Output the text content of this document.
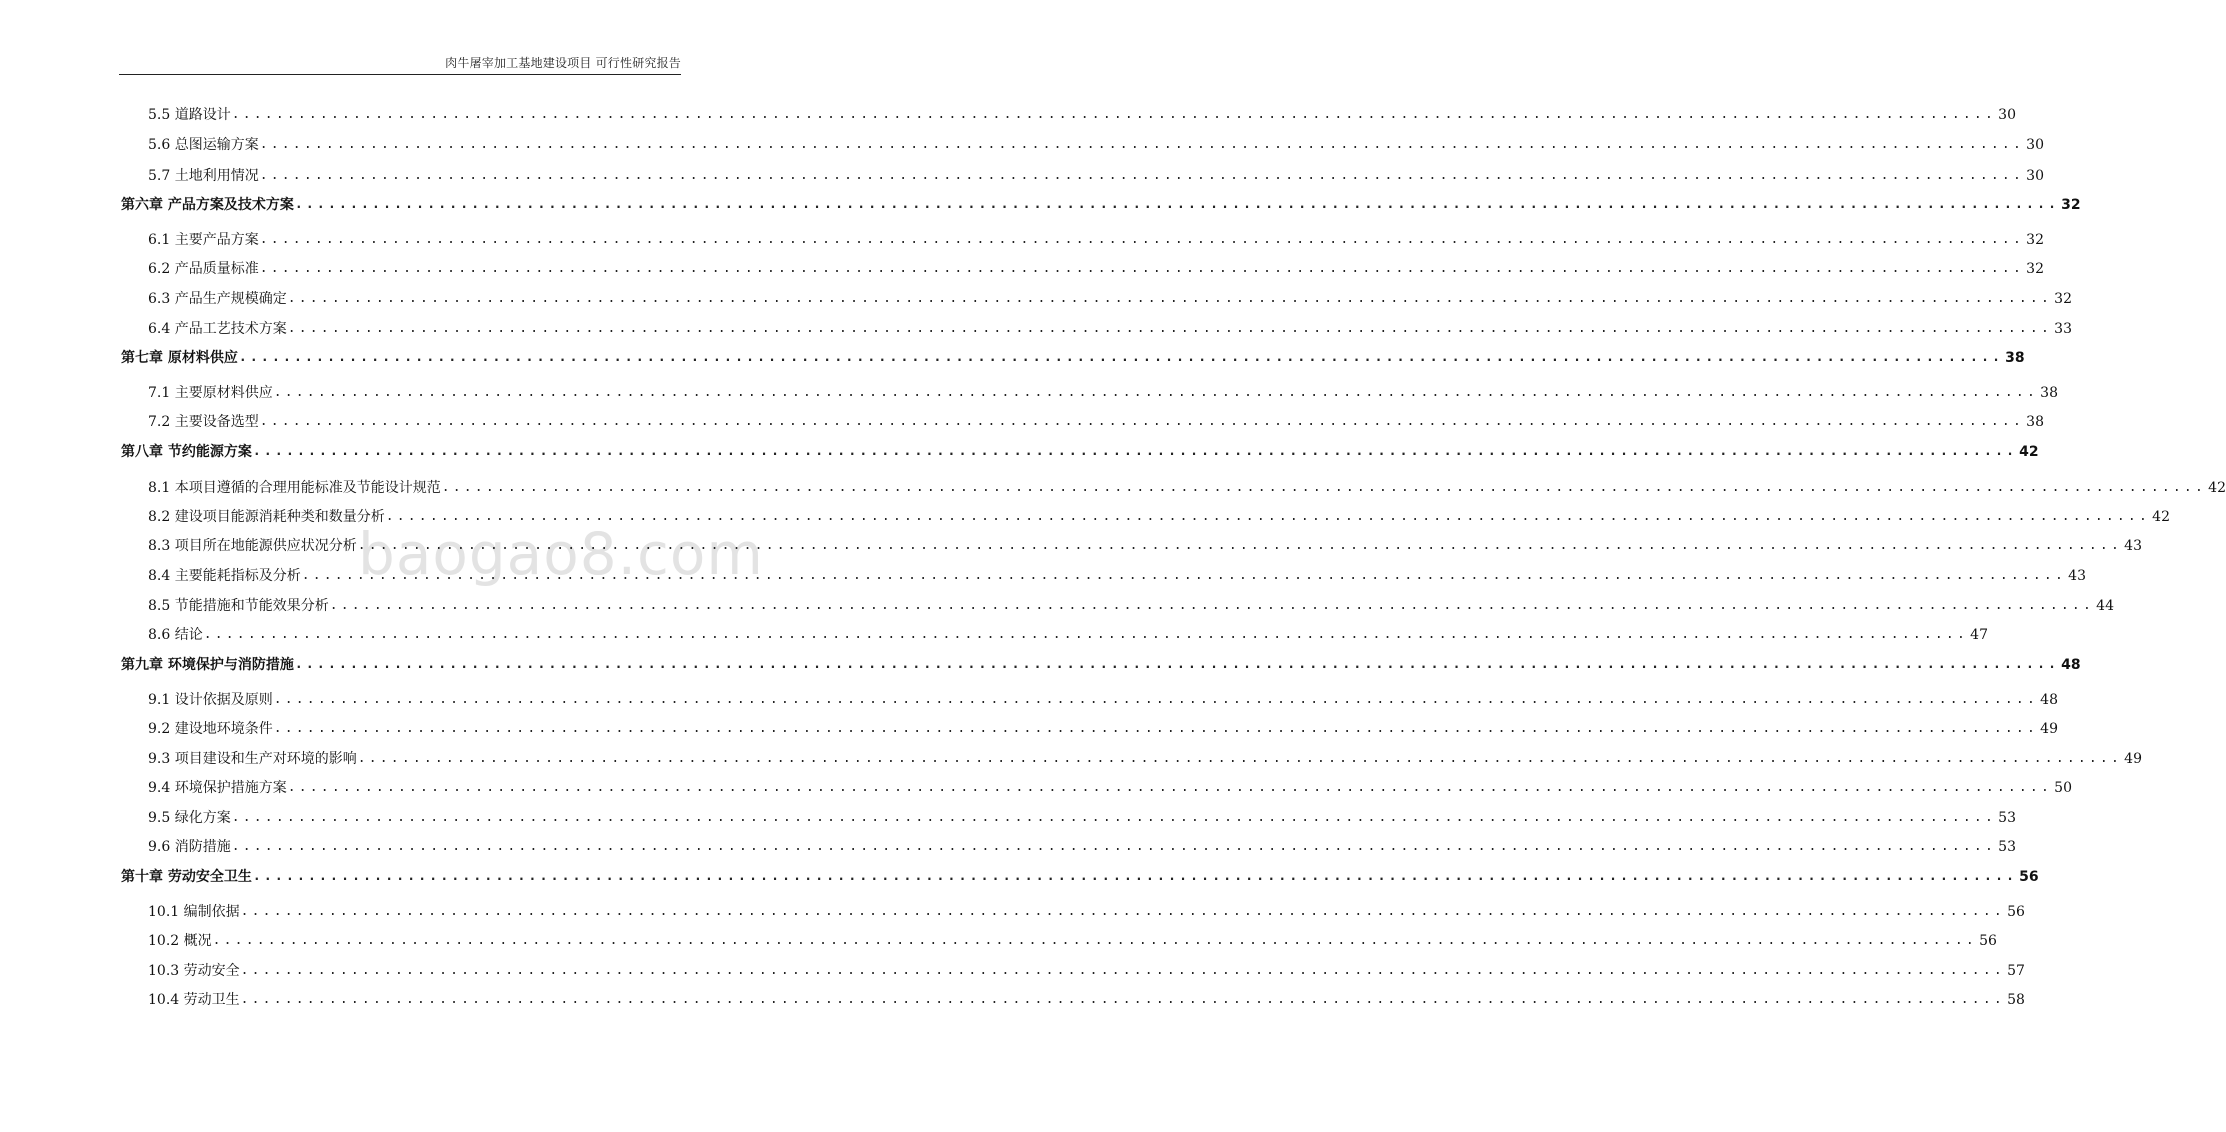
肉牛屠宰加工基地建设项目 可行性研究报告
baogao8.com
5.5 道路设计 ................................................................................................................................................................ 30
5.6 总图运输方案 ................................................................................................................................................................ 30
5.7 土地利用情况 ................................................................................................................................................................ 30
第六章 产品方案及技术方案 ................................................................................................................................................................ 32
6.1 主要产品方案 ................................................................................................................................................................ 32
6.2 产品质量标准 ................................................................................................................................................................ 32
6.3 产品生产规模确定 ................................................................................................................................................................ 32
6.4 产品工艺技术方案 ................................................................................................................................................................ 33
第七章 原材料供应 ................................................................................................................................................................ 38
7.1 主要原材料供应 ................................................................................................................................................................ 38
7.2 主要设备选型 ................................................................................................................................................................ 38
第八章 节约能源方案 ................................................................................................................................................................ 42
8.1 本项目遵循的合理用能标准及节能设计规范 ................................................................................................................................................................ 42
8.2 建设项目能源消耗种类和数量分析 ................................................................................................................................................................ 42
8.3 项目所在地能源供应状况分析 ................................................................................................................................................................ 43
8.4 主要能耗指标及分析 ................................................................................................................................................................ 43
8.5 节能措施和节能效果分析 ................................................................................................................................................................ 44
8.6 结论 ................................................................................................................................................................ 47
第九章 环境保护与消防措施 ................................................................................................................................................................ 48
9.1 设计依据及原则 ................................................................................................................................................................ 48
9.2 建设地环境条件 ................................................................................................................................................................ 49
9.3 项目建设和生产对环境的影响 ................................................................................................................................................................ 49
9.4 环境保护措施方案 ................................................................................................................................................................ 50
9.5 绿化方案 ................................................................................................................................................................ 53
9.6 消防措施 ................................................................................................................................................................ 53
第十章 劳动安全卫生 ................................................................................................................................................................ 56
10.1 编制依据 ................................................................................................................................................................ 56
10.2 概况 ................................................................................................................................................................ 56
10.3 劳动安全 ................................................................................................................................................................ 57
10.4 劳动卫生 ................................................................................................................................................................ 58
